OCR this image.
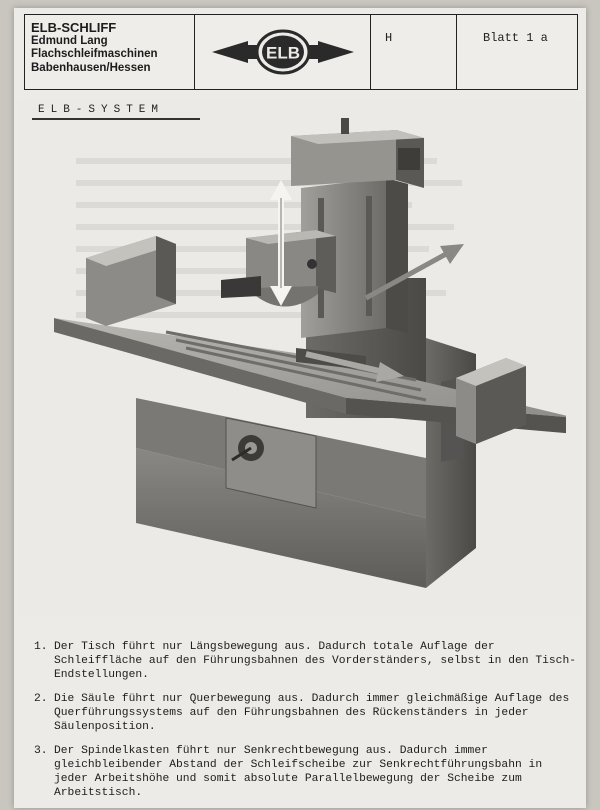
ELB-SCHLIFF
Edmund Lang
Flachschleifmaschinen
Babenhausen/Hessen
ELB
H	Blatt 1 a
ELB-SYSTEM
1. Der Tisch führt nur Längsbewegung aus. Dadurch totale Auflage der Schleiffläche auf den Führungsbahnen des Vorderständers, selbst in den Tisch-Endstellungen.
2. Die Säule führt nur Querbewegung aus. Dadurch immer gleichmäßige Auflage des Querführungssystems auf den Führungsbahnen des Rückenständers in jeder Säulenposition.
3. Der Spindelkasten führt nur Senkrechtbewegung aus. Dadurch immer gleichbleibender Abstand der Schleifscheibe zur Senkrechtführungsbahn in jeder Arbeitshöhe und somit absolute Parallelbewegung der Scheibe zum Arbeitstisch.
